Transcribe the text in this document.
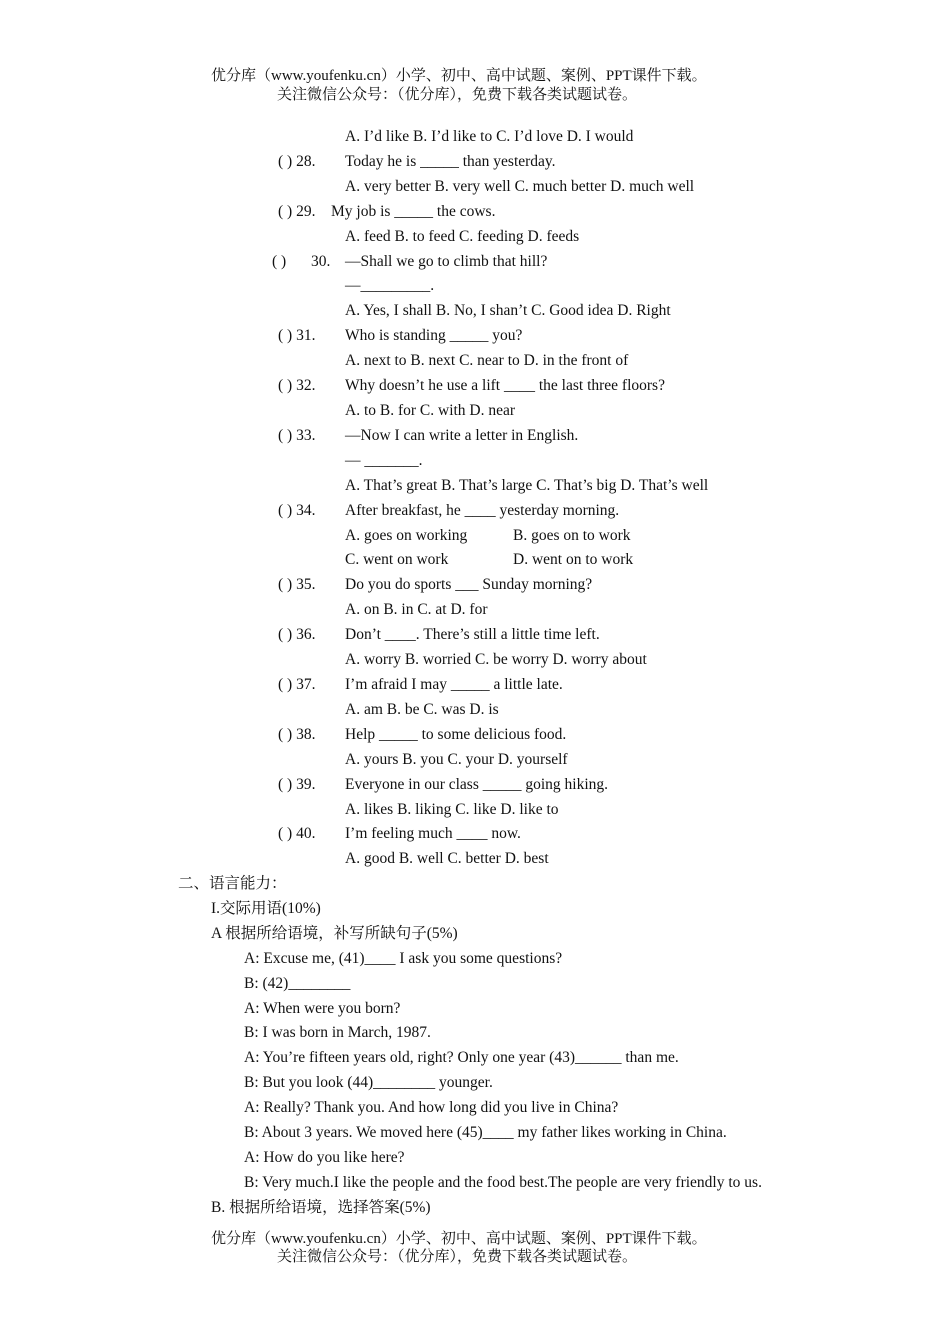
优分库（www.youfenku.cn）小学、初中、高中试题、案例、PPT课件下载。
关注微信公众号：（优分库），免费下载各类试题试卷。
A. I’d like B. I’d like to C. I’d love D. I would
( ) 28. Today he is _____ than yesterday.
A. very better B. very well C. much better D. much well
( ) 29. My job is _____ the cows.
A. feed B. to feed C. feeding D. feeds
( ) 30. —Shall we go to climb that hill?
—_________.
A. Yes, I shall B. No, I shan’t C. Good idea D. Right
( ) 31. Who is standing _____ you?
A. next to B. next C. near to D. in the front of
( ) 32. Why doesn’t he use a lift ____ the last three floors?
A. to B. for C. with D. near
( ) 33. —Now I can write a letter in English.
— _______.
A. That’s great B. That’s large C. That’s big D. That’s well
( ) 34. After breakfast, he ____ yesterday morning.
A. goes on working	B. goes on to work
C. went on work	D. went on to work
( ) 35. Do you do sports ___ Sunday morning?
A. on B. in C. at D. for
( ) 36. Don’t ____. There’s still a little time left.
A. worry B. worried C. be worry D. worry about
( ) 37. I’m afraid I may _____ a little late.
A. am B. be C. was D. is
( ) 38. Help _____ to some delicious food.
A. yours B. you C. your D. yourself
( ) 39. Everyone in our class _____ going hiking.
A. likes B. liking C. like D. like to
( ) 40. I’m feeling much ____ now.
A. good B. well C. better D. best
二、语言能力：
I.交际用语(10%)
A 根据所给语境，补写所缺句子(5%)
A: Excuse me, (41)____ I ask you some questions?
B: (42)________
A: When were you born?
B: I was born in March, 1987.
A: You’re fifteen years old, right? Only one year (43)______ than me.
B: But you look (44)________ younger.
A: Really? Thank you. And how long did you live in China?
B: About 3 years. We moved here (45)____ my father likes working in China.
A: How do you like here?
B: Very much.I like the people and the food best.The people are very friendly to us.
B. 根据所给语境，选择答案(5%)
优分库（www.youfenku.cn）小学、初中、高中试题、案例、PPT课件下载。
关注微信公众号：（优分库），免费下载各类试题试卷。
